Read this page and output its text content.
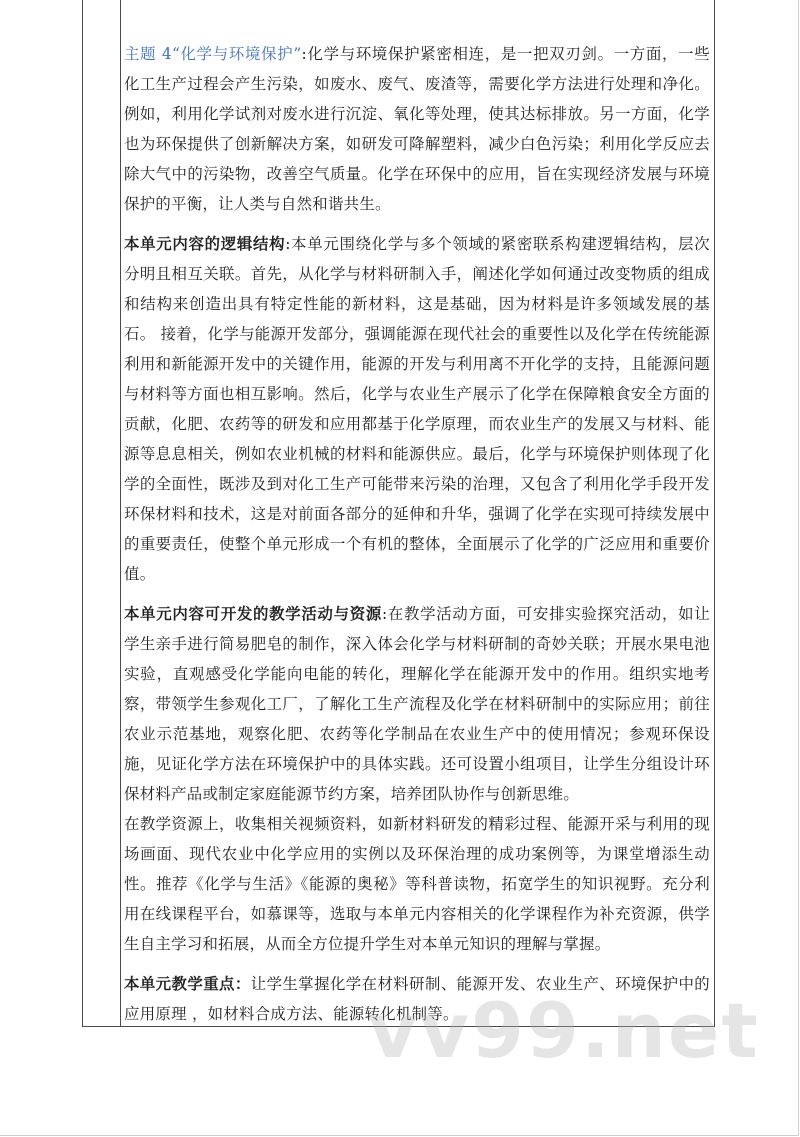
主题 4“化学与环境保护”:化学与环境保护紧密相连，是一把双刃剑。一方面，一些化工生产过程会产生污染，如废水、废气、废渣等，需要化学方法进行处理和净化。例如，利用化学试剂对废水进行沉淀、氧化等处理，使其达标排放。另一方面，化学也为环保提供了创新解决方案，如研发可降解塑料，减少白色污染；利用化学反应去除大气中的污染物，改善空气质量。化学在环保中的应用，旨在实现经济发展与环境保护的平衡，让人类与自然和谐共生。

本单元内容的逻辑结构:本单元围绕化学与多个领域的紧密联系构建逻辑结构，层次分明且相互关联。首先，从化学与材料研制入手，阐述化学如何通过改变物质的组成和结构来创造出具有特定性能的新材料，这是基础，因为材料是许多领域发展的基石。 接着，化学与能源开发部分，强调能源在现代社会的重要性以及化学在传统能源利用和新能源开发中的关键作用，能源的开发与利用离不开化学的支持，且能源问题与材料等方面也相互影响。然后，化学与农业生产展示了化学在保障粮食安全方面的贡献，化肥、农药等的研发和应用都基于化学原理，而农业生产的发展又与材料、能源等息息相关，例如农业机械的材料和能源供应。最后，化学与环境保护则体现了化学的全面性，既涉及到对化工生产可能带来污染的治理，又包含了利用化学手段开发环保材料和技术，这是对前面各部分的延伸和升华，强调了化学在实现可持续发展中的重要责任，使整个单元形成一个有机的整体，全面展示了化学的广泛应用和重要价值。

本单元内容可开发的教学活动与资源:在教学活动方面，可安排实验探究活动，如让学生亲手进行简易肥皂的制作，深入体会化学与材料研制的奇妙关联；开展水果电池实验，直观感受化学能向电能的转化，理解化学在能源开发中的作用。组织实地考察，带领学生参观化工厂，了解化工生产流程及化学在材料研制中的实际应用；前往农业示范基地，观察化肥、农药等化学制品在农业生产中的使用情况；参观环保设施，见证化学方法在环境保护中的具体实践。还可设置小组项目，让学生分组设计环保材料产品或制定家庭能源节约方案，培养团队协作与创新思维。

在教学资源上，收集相关视频资料，如新材料研发的精彩过程、能源开采与利用的现场画面、现代农业中化学应用的实例以及环保治理的成功案例等，为课堂增添生动性。推荐《化学与生活》《能源的奥秘》等科普读物，拓宽学生的知识视野。充分利用在线课程平台，如慕课等，选取与本单元内容相关的化学课程作为补充资源，供学生自主学习和拓展，从而全方位提升学生对本单元知识的理解与掌握。

本单元教学重点：让学生掌握化学在材料研制、能源开发、农业生产、环境保护中的应用原理 ，如材料合成方法、能源转化机制等。

vv99.net
